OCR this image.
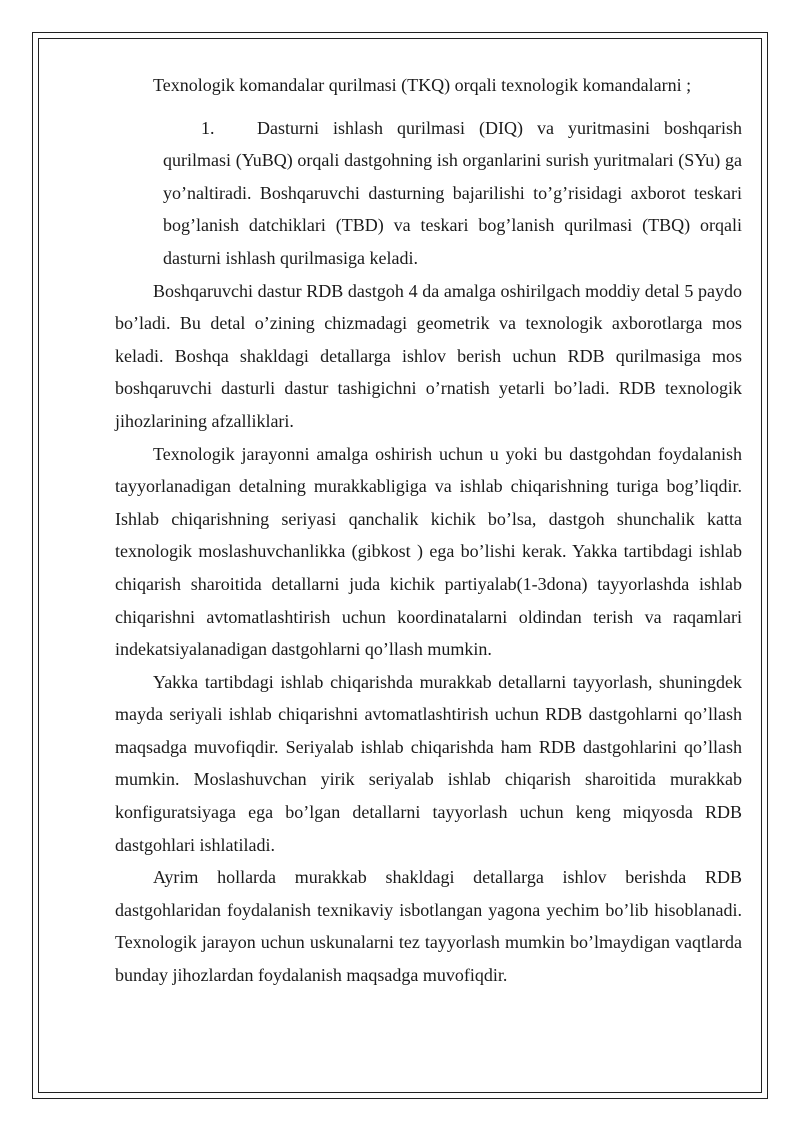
Texnologik komandalar qurilmasi (TKQ) orqali texnologik komandalarni ;

1. Dasturni ishlash qurilmasi (DIQ) va yuritmasini boshqarish qurilmasi (YuBQ) orqali dastgohning ish organlarini surish yuritmalari (SYu) ga yo’naltiradi. Boshqaruvchi dasturning bajarilishi to’g’risidagi axborot teskari bog’lanish datchiklari (TBD) va teskari bog’lanish qurilmasi (TBQ) orqali dasturni ishlash qurilmasiga keladi.

Boshqaruvchi dastur RDB dastgoh 4 da amalga oshirilgach moddiy detal 5 paydo bo’ladi. Bu detal o’zining chizmadagi geometrik va texnologik axborotlarga mos keladi. Boshqa shakldagi detallarga ishlov berish uchun RDB qurilmasiga mos boshqaruvchi dasturli dastur tashigichni o’rnatish yetarli bo’ladi. RDB texnologik jihozlarining afzalliklari.

Texnologik jarayonni amalga oshirish uchun u yoki bu dastgohdan foydalanish tayyorlanadigan detalning murakkabligiga va ishlab chiqarishning turiga bog’liqdir. Ishlab chiqarishning seriyasi qanchalik kichik bo’lsa, dastgoh shunchalik katta texnologik moslashuvchanlikka (gibkost ) ega bo’lishi kerak. Yakka tartibdagi ishlab chiqarish sharoitida detallarni juda kichik partiyalab(1-3dona) tayyorlashda ishlab chiqarishni avtomatlashtirish uchun koordinatalarni oldindan terish va raqamlari indekatsiyalanadigan dastgohlarni qo’llash mumkin.

Yakka tartibdagi ishlab chiqarishda murakkab detallarni tayyorlash, shuningdek mayda seriyali ishlab chiqarishni avtomatlashtirish uchun RDB dastgohlarni qo’llash maqsadga muvofiqdir. Seriyalab ishlab chiqarishda ham RDB dastgohlarini qo’llash mumkin. Moslashuvchan yirik seriyalab ishlab chiqarish sharoitida murakkab konfiguratsiyaga ega bo’lgan detallarni tayyorlash uchun keng miqyosda RDB dastgohlari ishlatiladi.

Ayrim hollarda murakkab shakldagi detallarga ishlov berishda RDB dastgohlaridan foydalanish texnikaviy isbotlangan yagona yechim bo’lib hisoblanadi. Texnologik jarayon uchun uskunalarni tez tayyorlash mumkin bo’lmaydigan vaqtlarda bunday jihozlardan foydalanish maqsadga muvofiqdir.
